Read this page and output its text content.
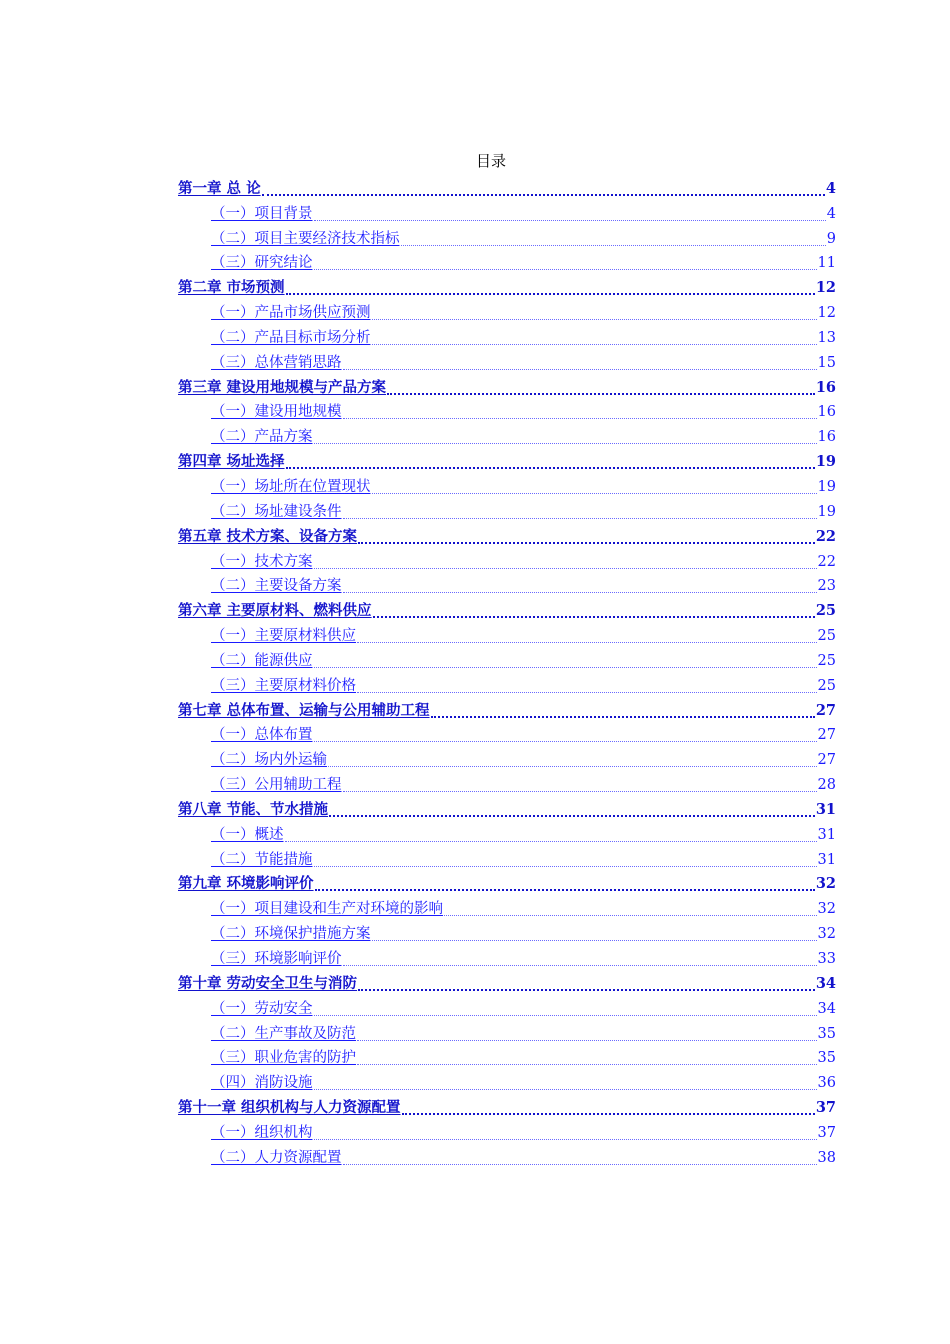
目录
第一章 总 论	4
（一）项目背景	4
（二）项目主要经济技术指标	9
（三）研究结论	11
第二章 市场预测	12
（一）产品市场供应预测	12
（二）产品目标市场分析	13
（三）总体营销思路	15
第三章 建设用地规模与产品方案	16
（一）建设用地规模	16
（二）产品方案	16
第四章 场址选择	19
（一）场址所在位置现状	19
（二）场址建设条件	19
第五章 技术方案、设备方案	22
（一）技术方案	22
（二）主要设备方案	23
第六章 主要原材料、燃料供应	25
（一）主要原材料供应	25
（二）能源供应	25
（三）主要原材料价格	25
第七章 总体布置、运输与公用辅助工程	27
（一）总体布置	27
（二）场内外运输	27
（三）公用辅助工程	28
第八章 节能、节水措施	31
（一）概述	31
（二）节能措施	31
第九章 环境影响评价	32
（一）项目建设和生产对环境的影响	32
（二）环境保护措施方案	32
（三）环境影响评价	33
第十章 劳动安全卫生与消防	34
（一）劳动安全	34
（二）生产事故及防范	35
（三）职业危害的防护	35
（四）消防设施	36
第十一章 组织机构与人力资源配置	37
（一）组织机构	37
（二）人力资源配置	38
